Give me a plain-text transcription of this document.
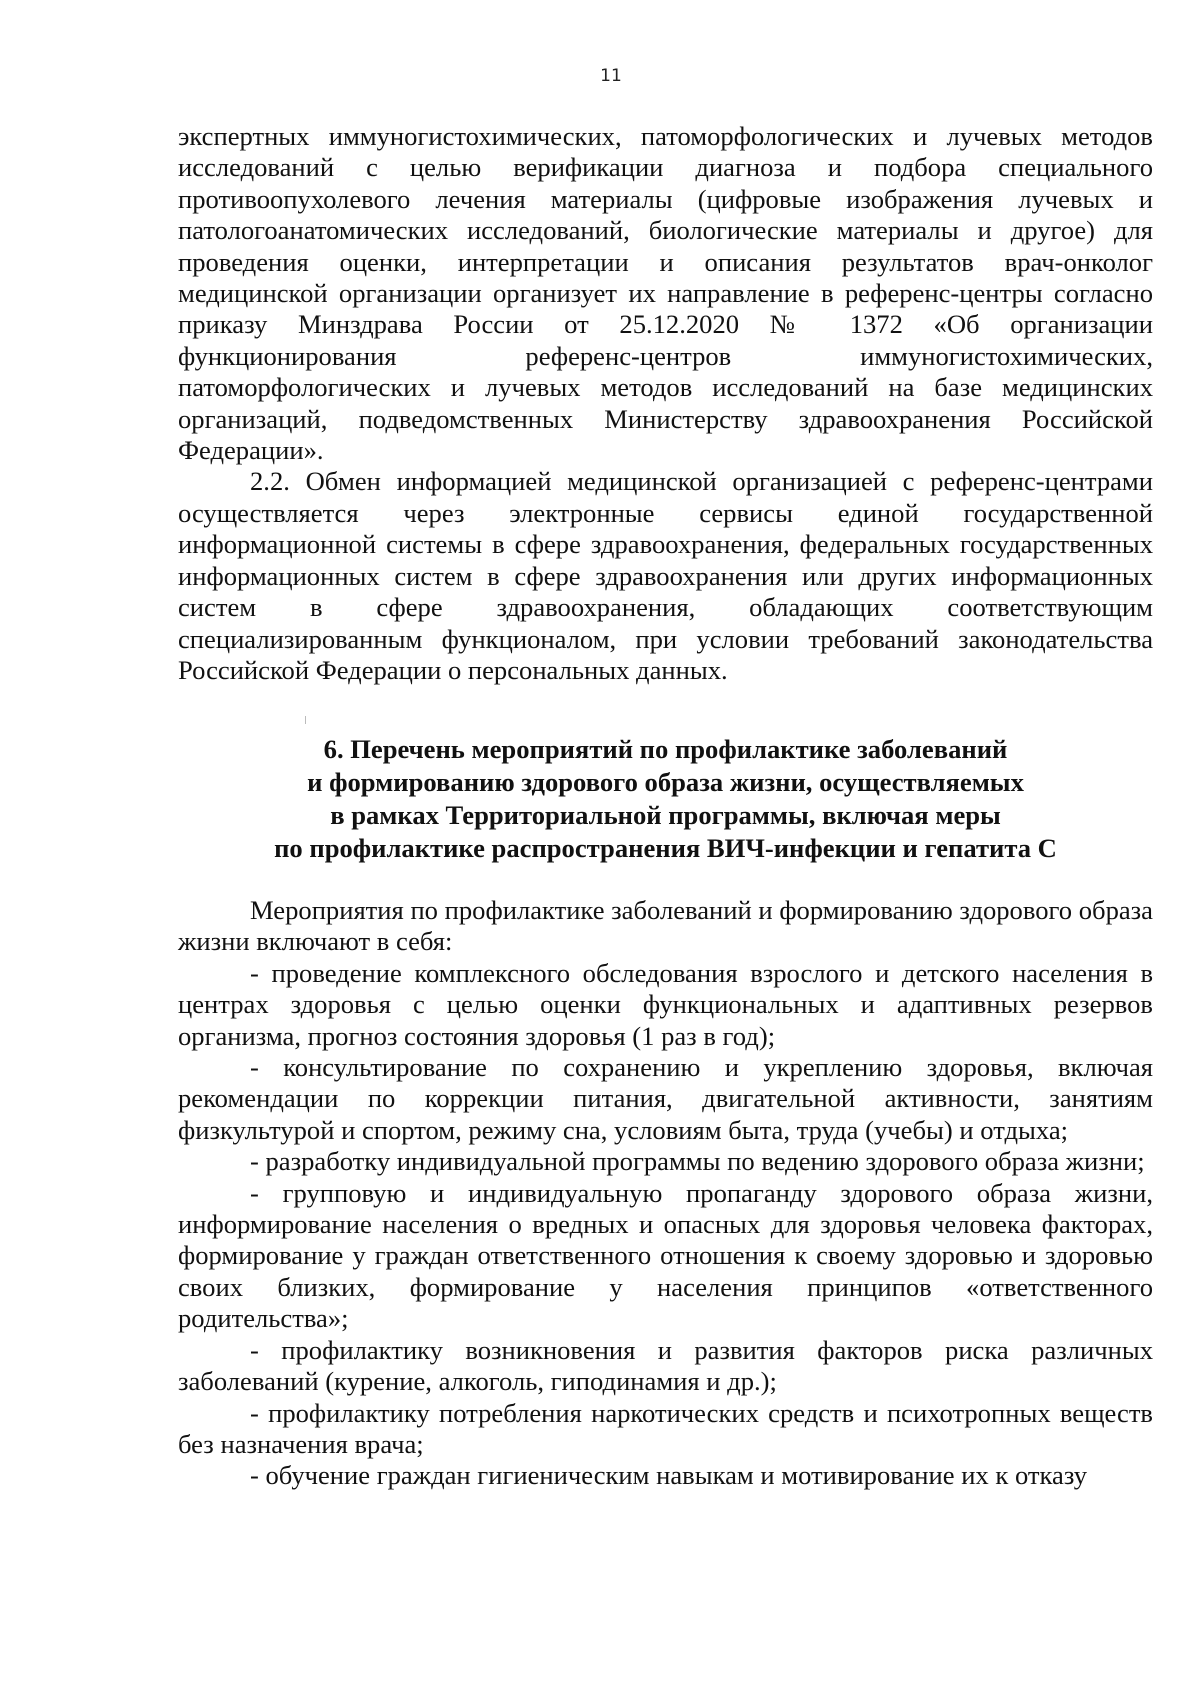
11

экспертных иммуногистохимических, патоморфологических и лучевых методов исследований с целью верификации диагноза и подбора специального противоопухолевого лечения материалы (цифровые изображения лучевых и патологоанатомических исследований, биологические материалы и другое) для проведения оценки, интерпретации и описания результатов врач-онколог медицинской организации организует их направление в референс-центры согласно приказу Минздрава России от 25.12.2020 № 1372 «Об организации функционирования референс-центров иммуногистохимических, патоморфологических и лучевых методов исследований на базе медицинских организаций, подведомственных Министерству здравоохранения Российской Федерации».

2.2. Обмен информацией медицинской организацией с референс-центрами осуществляется через электронные сервисы единой государственной информационной системы в сфере здравоохранения, федеральных государственных информационных систем в сфере здравоохранения или других информационных систем в сфере здравоохранения, обладающих соответствующим специализированным функционалом, при условии требований законодательства Российской Федерации о персональных данных.

6. Перечень мероприятий по профилактике заболеваний
и формированию здорового образа жизни, осуществляемых
в рамках Территориальной программы, включая меры
по профилактике распространения ВИЧ-инфекции и гепатита С

Мероприятия по профилактике заболеваний и формированию здорового образа жизни включают в себя:

- проведение комплексного обследования взрослого и детского населения в центрах здоровья с целью оценки функциональных и адаптивных резервов организма, прогноз состояния здоровья (1 раз в год);

- консультирование по сохранению и укреплению здоровья, включая рекомендации по коррекции питания, двигательной активности, занятиям физкультурой и спортом, режиму сна, условиям быта, труда (учебы) и отдыха;

- разработку индивидуальной программы по ведению здорового образа жизни;

- групповую и индивидуальную пропаганду здорового образа жизни, информирование населения о вредных и опасных для здоровья человека факторах, формирование у граждан ответственного отношения к своему здоровью и здоровью своих близких, формирование у населения принципов «ответственного родительства»;

- профилактику возникновения и развития факторов риска различных заболеваний (курение, алкоголь, гиподинамия и др.);

- профилактику потребления наркотических средств и психотропных веществ без назначения врача;

- обучение граждан гигиеническим навыкам и мотивирование их к отказу
